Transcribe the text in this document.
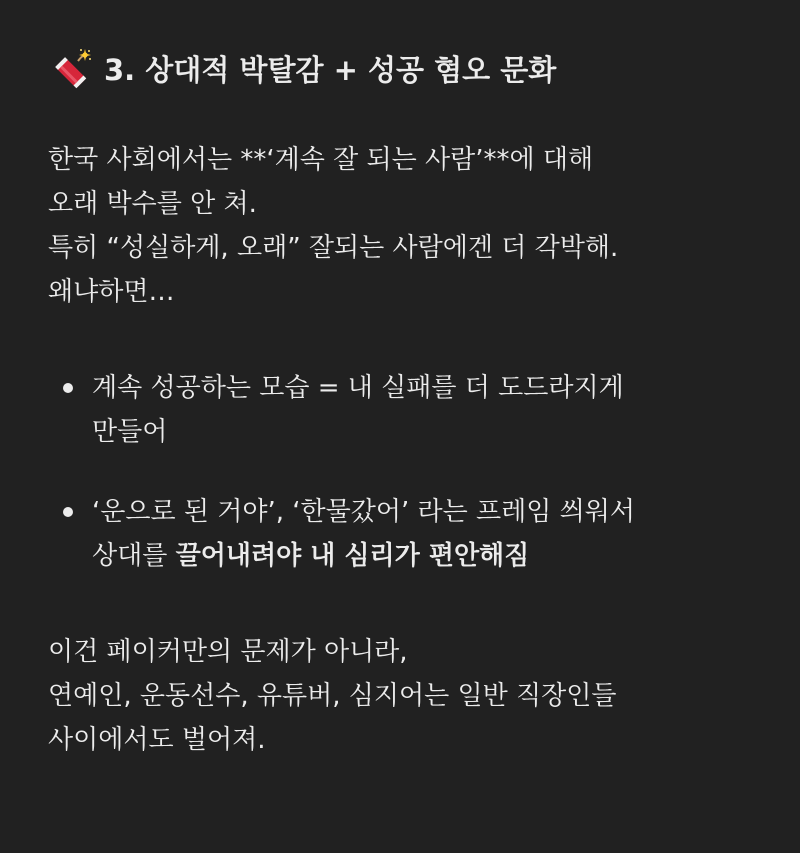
3. 상대적 박탈감 + 성공 혐오 문화

한국 사회에서는 **‘계속 잘 되는 사람’**에 대해
오래 박수를 안 쳐.
특히 “성실하게, 오래” 잘되는 사람에겐 더 각박해.
왜냐하면…

계속 성공하는 모습 = 내 실패를 더 도드라지게
만들어
‘운으로 된 거야’, ‘한물갔어’ 라는 프레임 씌워서
상대를 끌어내려야 내 심리가 편안해짐

이건 페이커만의 문제가 아니라,
연예인, 운동선수, 유튜버, 심지어는 일반 직장인들
사이에서도 벌어져.
